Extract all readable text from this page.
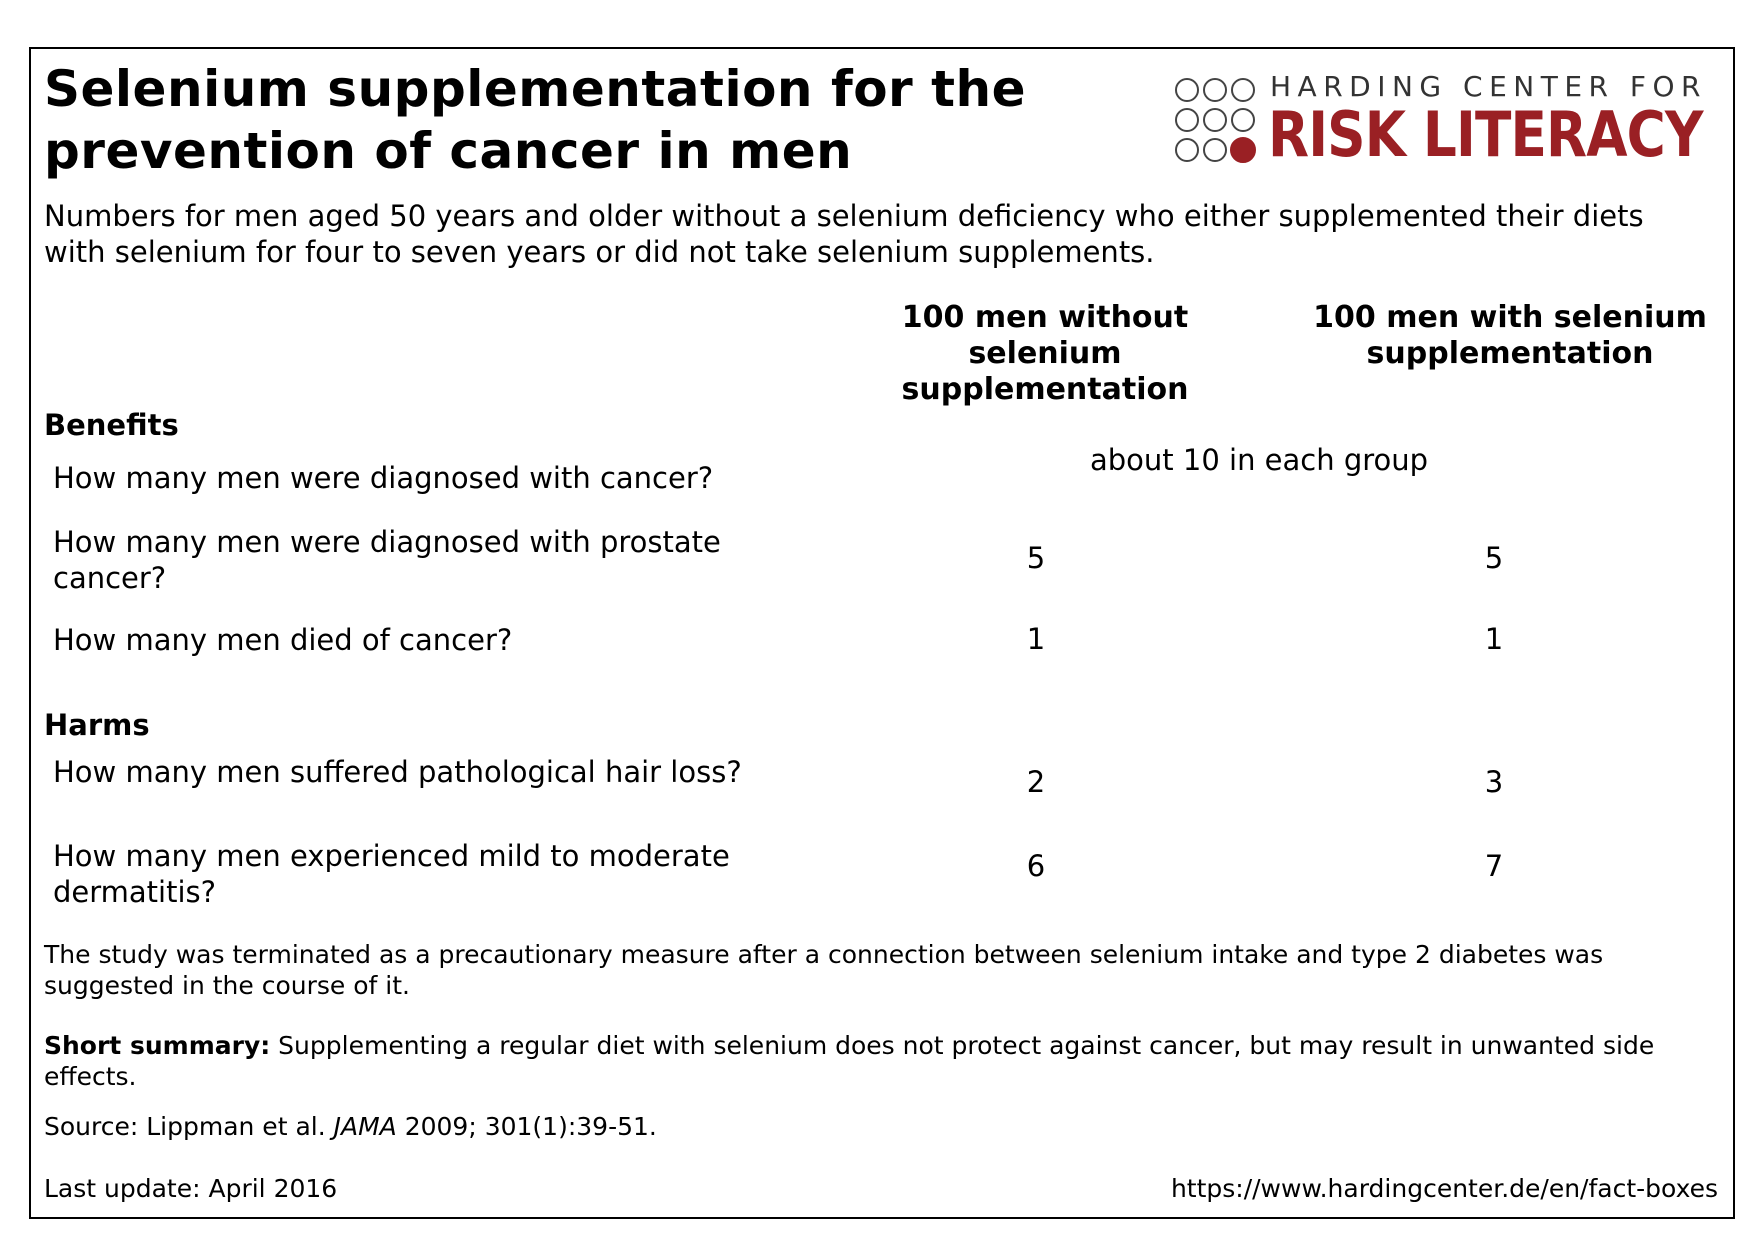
Selenium supplementation for the
prevention of cancer in men
HARDING CENTER FOR
RISK LITERACY
Numbers for men aged 50 years and older without a selenium deficiency who either supplemented their diets
with selenium for four to seven years or did not take selenium supplements.
100 men without
selenium
supplementation
100 men with selenium
supplementation
Benefits
How many men were diagnosed with cancer?
about 10 in each group
How many men were diagnosed with prostate
cancer?
5	5
How many men died of cancer?	1	1
Harms
How many men suffered pathological hair loss?	2	3
How many men experienced mild to moderate
dermatitis?
6	7
The study was terminated as a precautionary measure after a connection between selenium intake and type 2 diabetes was
suggested in the course of it.
Short summary: Supplementing a regular diet with selenium does not protect against cancer, but may result in unwanted side
effects.
Source: Lippman et al. JAMA 2009; 301(1):39-51.
Last update: April 2016	https://www.hardingcenter.de/en/fact-boxes
